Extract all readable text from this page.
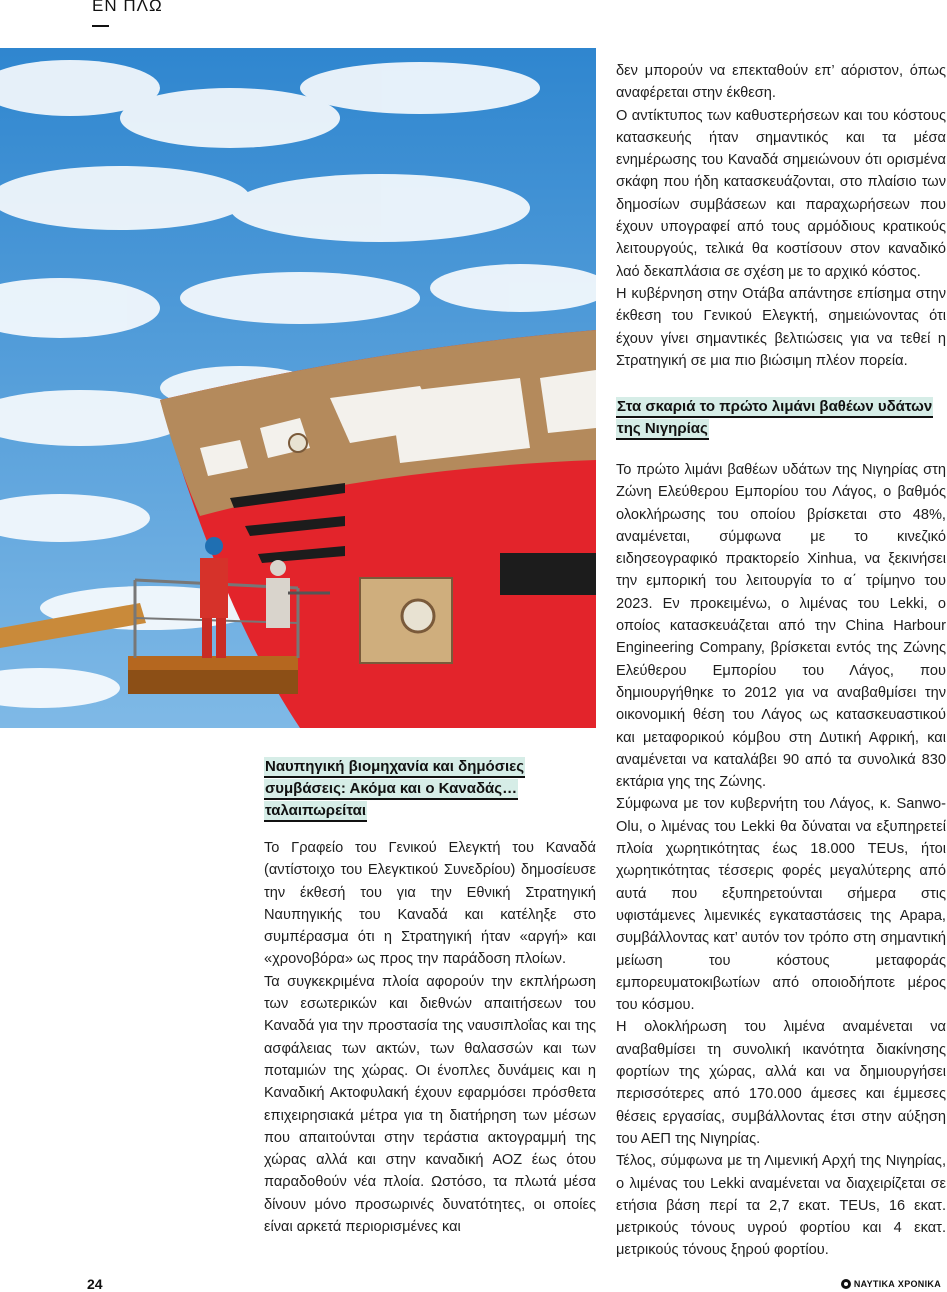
ΕΝ ΠΛΩ

δεν μπορούν να επεκταθούν επ’ αόριστον, όπως αναφέρεται στην έκθεση.

Ο αντίκτυπος των καθυστερήσεων και του κόστους κατασκευής ήταν σημαντικός και τα μέσα ενημέρωσης του Καναδά σημειώνουν ότι ορισμένα σκάφη που ήδη κατασκευάζονται, στο πλαίσιο των δημοσίων συμβάσεων και παραχωρήσεων που έχουν υπογραφεί από τους αρμόδιους κρατικούς λειτουργούς, τελικά θα κοστίσουν στον καναδικό λαό δεκαπλάσια σε σχέση με το αρχικό κόστος.

Η κυβέρνηση στην Οτάβα απάντησε επίσημα στην έκθεση του Γενικού Ελεγκτή, σημειώνοντας ότι έχουν γίνει σημαντικές βελτιώσεις για να τεθεί η Στρατηγική σε μια πιο βιώσιμη πλέον πορεία.

Στα σκαριά το πρώτο λιμάνι βαθέων υδάτων της Νιγηρίας

Το πρώτο λιμάνι βαθέων υδάτων της Νιγηρίας στη Ζώνη Ελεύθερου Εμπορίου του Λάγος, ο βαθμός ολοκλήρωσης του οποίου βρίσκεται στο 48%, αναμένεται, σύμφωνα με το κινεζικό ειδησεογραφικό πρακτορείο Xinhua, να ξεκινήσει την εμπορική του λειτουργία το α΄ τρίμηνο του 2023. Εν προκειμένω, ο λιμένας του Lekki, ο οποίος κατασκευάζεται από την China Harbour Engineering Company, βρίσκεται εντός της Ζώνης Ελεύθερου Εμπορίου του Λάγος, που δημιουργήθηκε το 2012 για να αναβαθμίσει την οικονομική θέση του Λάγος ως κατασκευαστικού και μεταφορικού κόμβου στη Δυτική Αφρική, και αναμένεται να καταλάβει 90 από τα συνολικά 830 εκτάρια γης της Ζώνης.

Σύμφωνα με τον κυβερνήτη του Λάγος, κ. Sanwo-Olu, ο λιμένας του Lekki θα δύναται να εξυπηρετεί πλοία χωρητικότητας έως 18.000 TEUs, ήτοι χωρητικότητας τέσσερις φορές μεγαλύτερης από αυτά που εξυπηρετούνται σήμερα στις υφιστάμενες λιμενικές εγκαταστάσεις της Apapa, συμβάλλοντας κατ’ αυτόν τον τρόπο στη σημαντική μείωση του κόστους μεταφοράς εμπορευματοκιβωτίων από οποιοδήποτε μέρος του κόσμου.

Η ολοκλήρωση του λιμένα αναμένεται να αναβαθμίσει τη συνολική ικανότητα διακίνησης φορτίων της χώρας, αλλά και να δημιουργήσει περισσότερες από 170.000 άμεσες και έμμεσες θέσεις εργασίας, συμβάλλοντας έτσι στην αύξηση του ΑΕΠ της Νιγηρίας.

Τέλος, σύμφωνα με τη Λιμενική Αρχή της Νιγηρίας, ο λιμένας του Lekki αναμένεται να διαχειρίζεται σε ετήσια βάση περί τα 2,7 εκατ. TEUs, 16 εκατ. μετρικούς τόνους υγρού φορτίου και 4 εκατ. μετρικούς τόνους ξηρού φορτίου.

Ναυπηγική βιομηχανία και δημόσιες συμβάσεις: Ακόμα και ο Καναδάς… ταλαιπωρείται

Το Γραφείο του Γενικού Ελεγκτή του Καναδά (αντίστοιχο του Ελεγκτικού Συνεδρίου) δημοσίευσε την έκθεσή του για την Εθνική Στρατηγική Ναυπηγικής του Καναδά και κατέληξε στο συμπέρασμα ότι η Στρατηγική ήταν «αργή» και «χρονοβόρα» ως προς την παράδοση πλοίων.

Τα συγκεκριμένα πλοία αφορούν την εκπλήρωση των εσωτερικών και διεθνών απαιτήσεων του Καναδά για την προστασία της ναυσιπλοΐας και της ασφάλειας των ακτών, των θαλασσών και των ποταμιών της χώρας. Οι ένοπλες δυνάμεις και η Καναδική Ακτοφυλακή έχουν εφαρμόσει πρόσθετα επιχειρησιακά μέτρα για τη διατήρηση των μέσων που απαιτούνται στην τεράστια ακτογραμμή της χώρας αλλά και στην καναδική ΑΟΖ έως ότου παραδοθούν νέα πλοία. Ωστόσο, τα πλωτά μέσα δίνουν μόνο προσωρινές δυνατότητες, οι οποίες είναι αρκετά περιορισμένες και

24	ΝΑΥΤΙΚΑ ΧΡΟΝΙΚΑ
